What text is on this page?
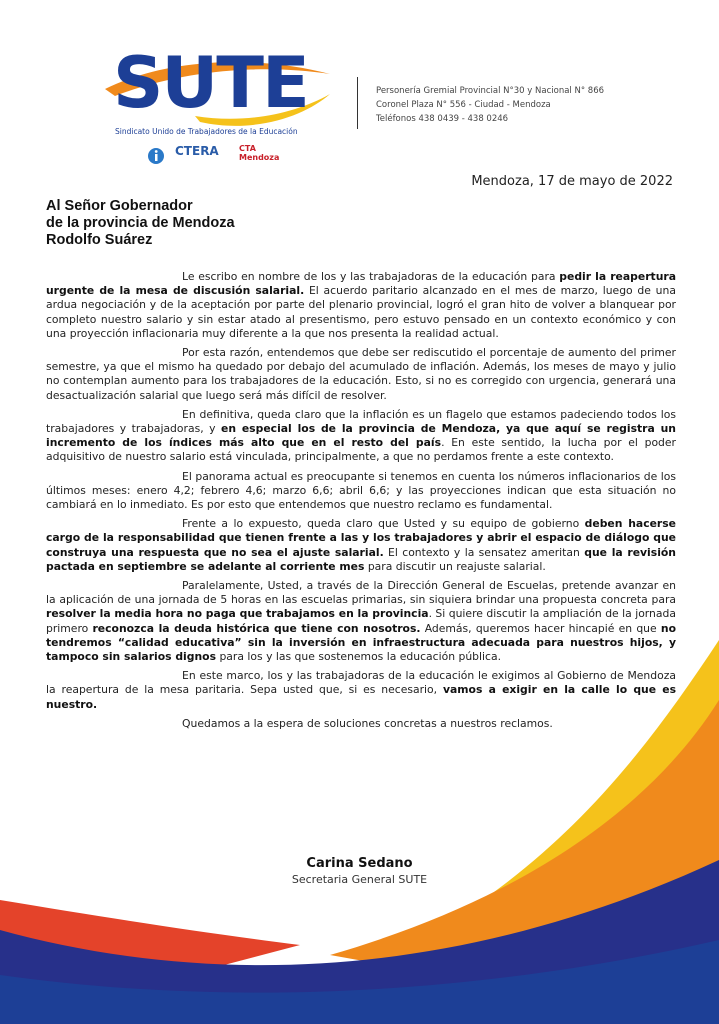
SUTE
Sindicato Unido de Trabajadores de la Educación
CTERA	CTA Mendoza
Personería Gremial Provincial N°30 y Nacional N° 866
Coronel Plaza N° 556 - Ciudad - Mendoza
Teléfonos 438 0439 - 438 0246
Mendoza, 17 de mayo de 2022
Al Señor Gobernador
de la provincia de Mendoza
Rodolfo Suárez

Le escribo en nombre de los y las trabajadoras de la educación para pedir la reapertura urgente de la mesa de discusión salarial. El acuerdo paritario alcanzado en el mes de marzo, luego de una ardua negociación y de la aceptación por parte del plenario provincial, logró el gran hito de volver a blanquear por completo nuestro salario y sin estar atado al presentismo, pero estuvo pensado en un contexto económico y con una proyección inflacionaria muy diferente a la que nos presenta la realidad actual.

Por esta razón, entendemos que debe ser rediscutido el porcentaje de aumento del primer semestre, ya que el mismo ha quedado por debajo del acumulado de inflación. Además, los meses de mayo y julio no contemplan aumento para los trabajadores de la educación. Esto, si no es corregido con urgencia, generará una desactualización salarial que luego será más difícil de resolver.

En definitiva, queda claro que la inflación es un flagelo que estamos padeciendo todos los trabajadores y trabajadoras, y en especial los de la provincia de Mendoza, ya que aquí se registra un incremento de los índices más alto que en el resto del país. En este sentido, la lucha por el poder adquisitivo de nuestro salario está vinculada, principalmente, a que no perdamos frente a este contexto.

El panorama actual es preocupante si tenemos en cuenta los números inflacionarios de los últimos meses: enero 4,2; febrero 4,6; marzo 6,6; abril 6,6; y las proyecciones indican que esta situación no cambiará en lo inmediato. Es por esto que entendemos que nuestro reclamo es fundamental.

Frente a lo expuesto, queda claro que Usted y su equipo de gobierno deben hacerse cargo de la responsabilidad que tienen frente a las y los trabajadores y abrir el espacio de diálogo que construya una respuesta que no sea el ajuste salarial. El contexto y la sensatez ameritan que la revisión pactada en septiembre se adelante al corriente mes para discutir un reajuste salarial.

Paralelamente, Usted, a través de la Dirección General de Escuelas, pretende avanzar en la aplicación de una jornada de 5 horas en las escuelas primarias, sin siquiera brindar una propuesta concreta para resolver la media hora no paga que trabajamos en la provincia. Si quiere discutir la ampliación de la jornada primero reconozca la deuda histórica que tiene con nosotros. Además, queremos hacer hincapié en que no tendremos “calidad educativa” sin la inversión en infraestructura adecuada para nuestros hijos, y tampoco sin salarios dignos para los y las que sostenemos la educación pública.

En este marco, los y las trabajadoras de la educación le exigimos al Gobierno de Mendoza la reapertura de la mesa paritaria. Sepa usted que, si es necesario, vamos a exigir en la calle lo que es nuestro.

Quedamos a la espera de soluciones concretas a nuestros reclamos.

Carina Sedano
Secretaria General SUTE
